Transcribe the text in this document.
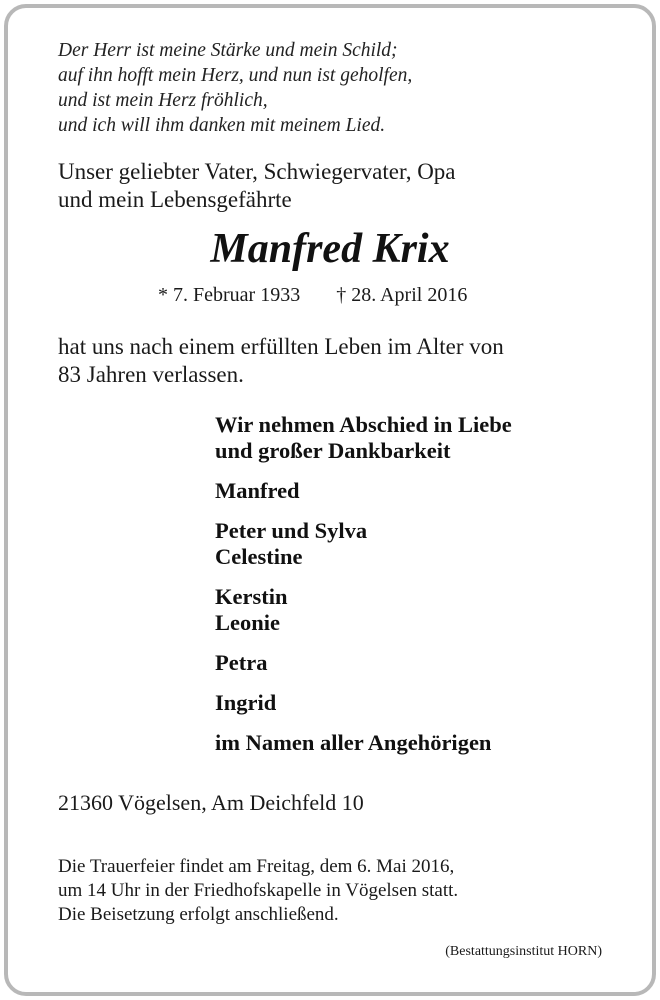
Der Herr ist meine Stärke und mein Schild;
auf ihn hofft mein Herz, und nun ist geholfen,
und ist mein Herz fröhlich,
und ich will ihm danken mit meinem Lied.
Unser geliebter Vater, Schwiegervater, Opa
und mein Lebensgefährte
Manfred Krix
* 7. Februar 1933 † 28. April 2016
hat uns nach einem erfüllten Leben im Alter von
83 Jahren verlassen.
Wir nehmen Abschied in Liebe
und großer Dankbarkeit
Manfred
Peter und Sylva
Celestine
Kerstin
Leonie
Petra
Ingrid
im Namen aller Angehörigen
21360 Vögelsen, Am Deichfeld 10
Die Trauerfeier findet am Freitag, dem 6. Mai 2016,
um 14 Uhr in der Friedhofskapelle in Vögelsen statt.
Die Beisetzung erfolgt anschließend.
(Bestattungsinstitut HORN)
